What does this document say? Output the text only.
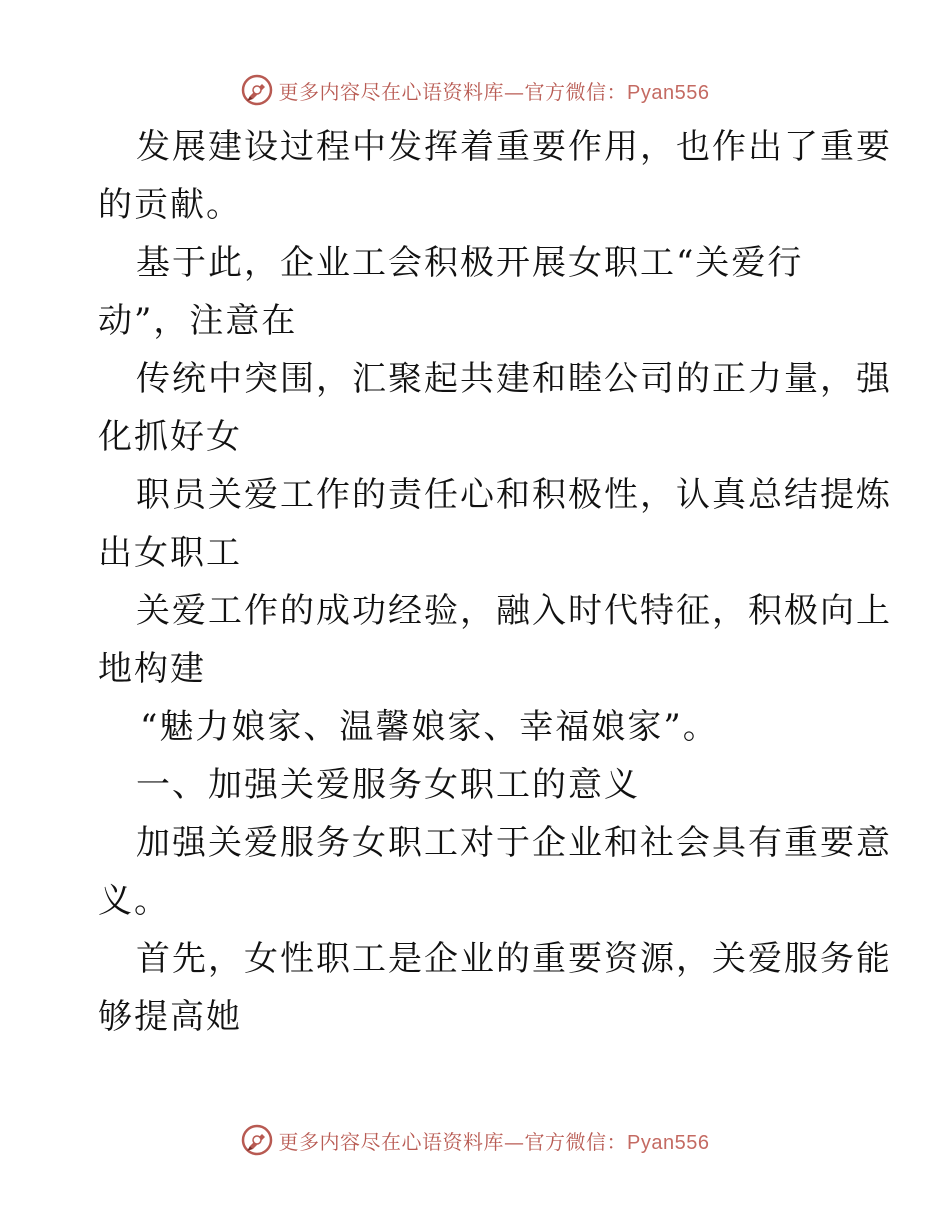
更多内容尽在心语资料库—官方微信：Pyan556
发展建设过程中发挥着重要作用，也作出了重要
的贡献。
基于此，企业工会积极开展女职工“关爱行
动”，注意在
传统中突围，汇聚起共建和睦公司的正力量，强
化抓好女
职员关爱工作的责任心和积极性，认真总结提炼
出女职工
关爱工作的成功经验，融入时代特征，积极向上
地构建
“魅力娘家、温馨娘家、幸福娘家”。
一、加强关爱服务女职工的意义
加强关爱服务女职工对于企业和社会具有重要意
义。
首先，女性职工是企业的重要资源，关爱服务能
够提高她
更多内容尽在心语资料库—官方微信：Pyan556
